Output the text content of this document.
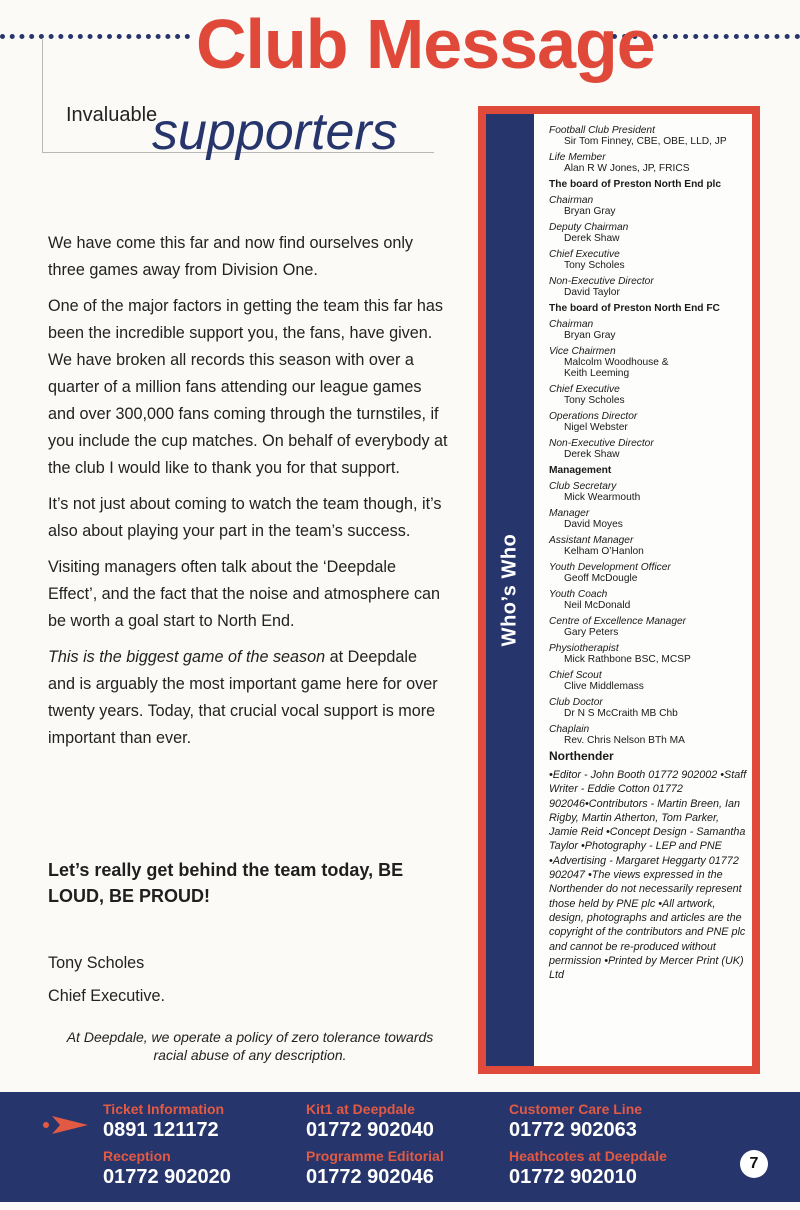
Club Message
Invaluable
supporters

We have come this far and now find ourselves only three games away from Division One.

One of the major factors in getting the team this far has been the incredible support you, the fans, have given. We have broken all records this season with over a quarter of a million fans attending our league games and over 300,000 fans coming through the turnstiles, if you include the cup matches. On behalf of everybody at the club I would like to thank you for that support.

It’s not just about coming to watch the team though, it’s also about playing your part in the team’s success.

Visiting managers often talk about the ‘Deepdale Effect’, and the fact that the noise and atmosphere can be worth a goal start to North End.

This is the biggest game of the season at Deepdale and is arguably the most important game here for over twenty years. Today, that crucial vocal support is more important than ever.

Let’s really get behind the team today, BE LOUD, BE PROUD!
Tony Scholes
Chief Executive.
At Deepdale, we operate a policy of zero tolerance towards racial abuse of any description.
Who’s Who
Football Club President
Sir Tom Finney, CBE, OBE, LLD, JP
Life Member
Alan R W Jones, JP, FRICS
The board of Preston North End plc
Chairman
Bryan Gray
Deputy Chairman
Derek Shaw
Chief Executive
Tony Scholes
Non-Executive Director
David Taylor
The board of Preston North End FC
Chairman
Bryan Gray
Vice Chairmen
Malcolm Woodhouse &
Keith Leeming
Chief Executive
Tony Scholes
Operations Director
Nigel Webster
Non-Executive Director
Derek Shaw
Management
Club Secretary
Mick Wearmouth
Manager
David Moyes
Assistant Manager
Kelham O’Hanlon
Youth Development Officer
Geoff McDougle
Youth Coach
Neil McDonald
Centre of Excellence Manager
Gary Peters
Physiotherapist
Mick Rathbone BSC, MCSP
Chief Scout
Clive Middlemass
Club Doctor
Dr N S McCraith MB Chb
Chaplain
Rev. Chris Nelson BTh MA
Northender
•Editor - John Booth 01772 902002 •Staff Writer - Eddie Cotton 01772 902046•Contributors - Martin Breen, Ian Rigby, Martin Atherton, Tom Parker, Jamie Reid •Concept Design - Samantha Taylor •Photography - LEP and PNE •Advertising - Margaret Heggarty 01772 902047 •The views expressed in the Northender do not necessarily represent those held by PNE plc •All artwork, design, photographs and articles are the copyright of the contributors and PNE plc and cannot be re-produced without permission •Printed by Mercer Print (UK) Ltd
Ticket Information
0891 121172
Kit1 at Deepdale
01772 902040
Customer Care Line
01772 902063
Reception
01772 902020
Programme Editorial
01772 902046
Heathcotes at Deepdale
01772 902010
7
